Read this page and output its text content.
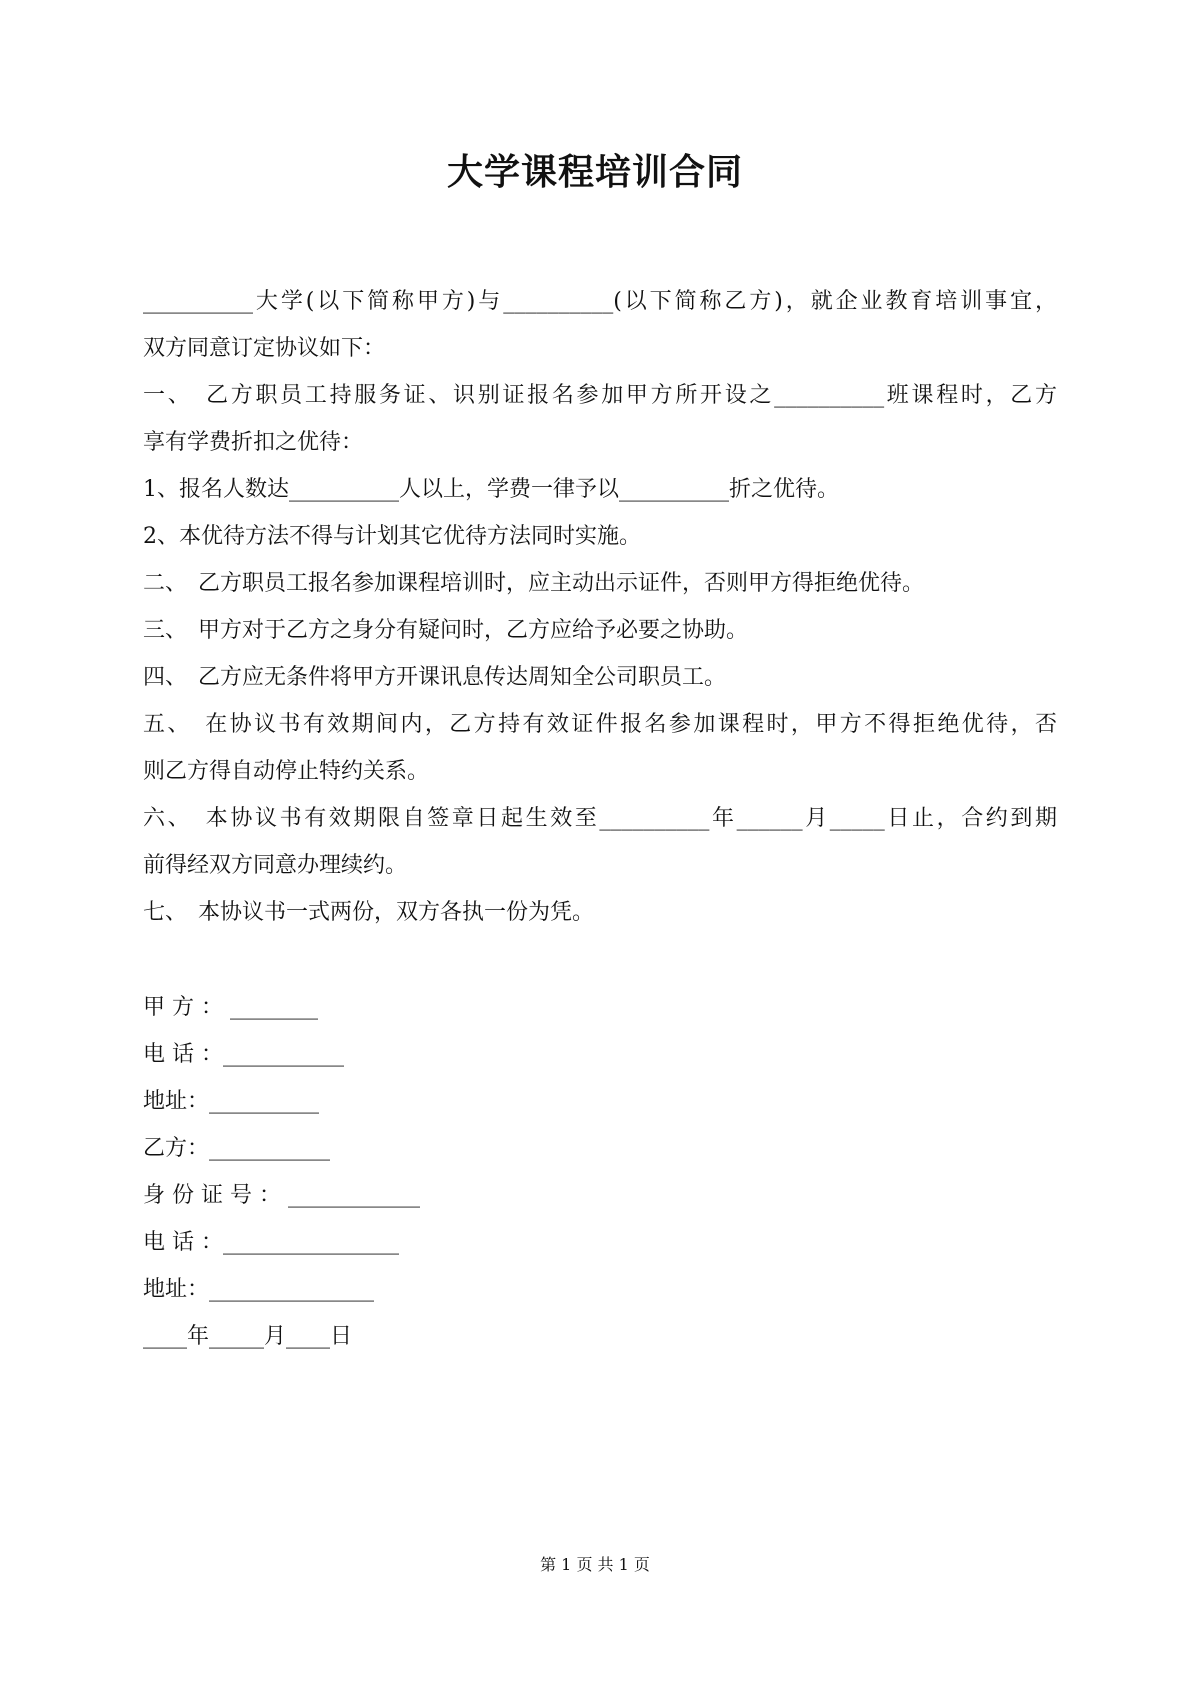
大学课程培训合同
__________大学(以下简称甲方)与__________(以下简称乙方)，就企业教育培训事宜，
双方同意订定协议如下：
一、　乙方职员工持服务证、识别证报名参加甲方所开设之__________班课程时，乙方
享有学费折扣之优待：
1、报名人数达__________人以上，学费一律予以__________折之优待。
2、本优待方法不得与计划其它优待方法同时实施。
二、　乙方职员工报名参加课程培训时，应主动出示证件，否则甲方得拒绝优待。
三、　甲方对于乙方之身分有疑问时，乙方应给予必要之协助。
四、　乙方应无条件将甲方开课讯息传达周知全公司职员工。
五、　在协议书有效期间内，乙方持有效证件报名参加课程时，甲方不得拒绝优待，否
则乙方得自动停止特约关系。
六、　本协议书有效期限自签章日起生效至__________年______月_____日止，合约到期
前得经双方同意办理续约。
七、　本协议书一式两份，双方各执一份为凭。
甲 方 ： ________
电 话 ：___________
地址：__________
乙方：___________
身 份 证 号 ： ____________
电 话 ：________________
地址：_______________
____年_____月____日
第 1 页 共 1 页
